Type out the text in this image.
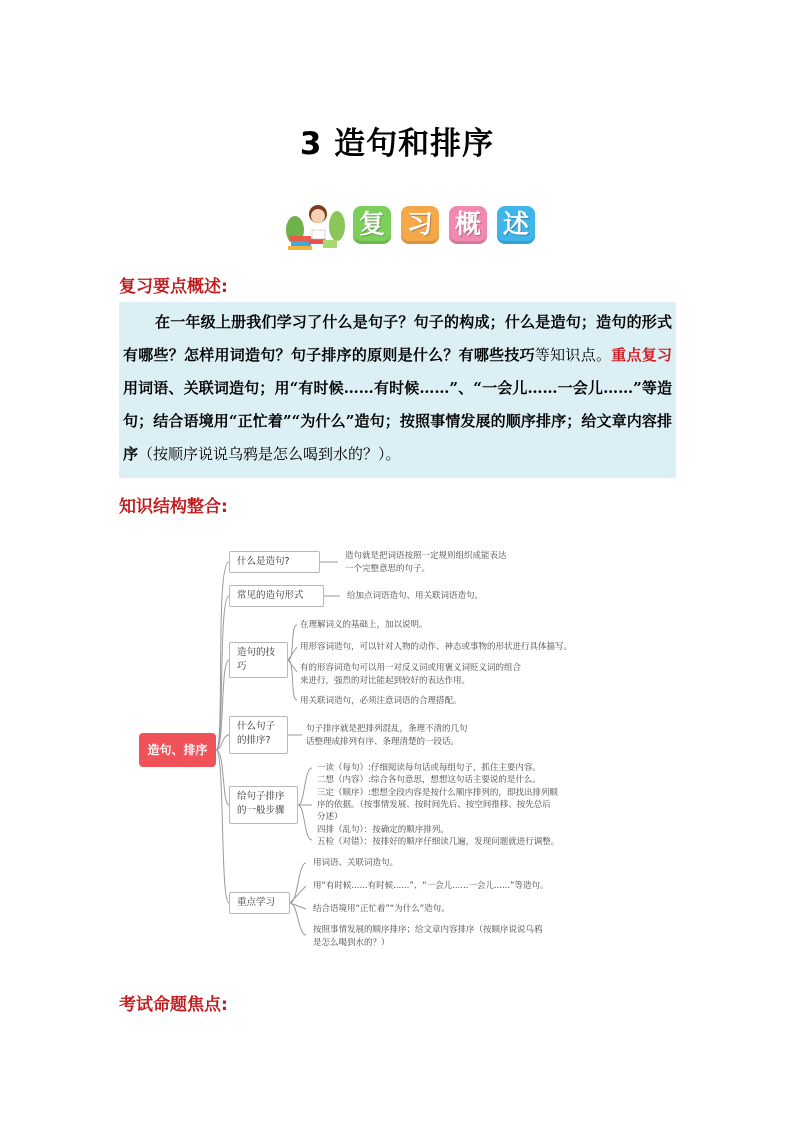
3 造句和排序
复 习 概 述
复习要点概述:

在一年级上册我们学习了什么是句子？句子的构成；什么是造句；造句的形式有哪些？怎样用词造句？句子排序的原则是什么？有哪些技巧等知识点。重点复习用词语、关联词造句；用“有时候……有时候……”、“一会儿……一会儿……”等造句；结合语境用“正忙着”“为什么”造句；按照事情发展的顺序排序；给文章内容排序（按顺序说说乌鸦是怎么喝到水的？）。

知识结构整合:
造句、排序
什么是造句?	造句就是把词语按照一定规则组织成能表达
一个完整意思的句子。
常见的造句形式	给加点词语造句、用关联词语造句。
造句的技巧
在理解词义的基础上，加以说明。
用形容词造句，可以针对人物的动作、神态或事物的形状进行具体描写。
有的形容词造句可以用一对反义词或用褒义词贬义词的组合
来进行，强烈的对比能起到较好的表达作用。
用关联词造句，必须注意词语的合理搭配。
什么句子的排序?
句子排序就是把排列混乱，条理不清的几句
话整理成排列有序、条理清楚的一段话。
给句子排序的一般步骤
一读（每句）:仔细阅读每句话或每组句子，抓住主要内容。
二想（内容）:综合各句意思，想想这句话主要说的是什么。
三定（顺序）:想想全段内容是按什么顺序排列的，即找出排列顺
序的依据。（按事情发展、按时间先后、按空间推移、按先总后
分述）
四排（乱句）：按确定的顺序排列。
五检（对错）：按排好的顺序仔细读几遍，发现问题就进行调整。
重点学习
用词语、关联词造句。
用“有时候......有时候......”、“一会儿......一会儿......”等造句。
结合语境用“正忙着”“为什么”造句。
按照事情发展的顺序排序；给文章内容排序（按顺序说说乌鸦
是怎么喝到水的？）
考试命题焦点:
